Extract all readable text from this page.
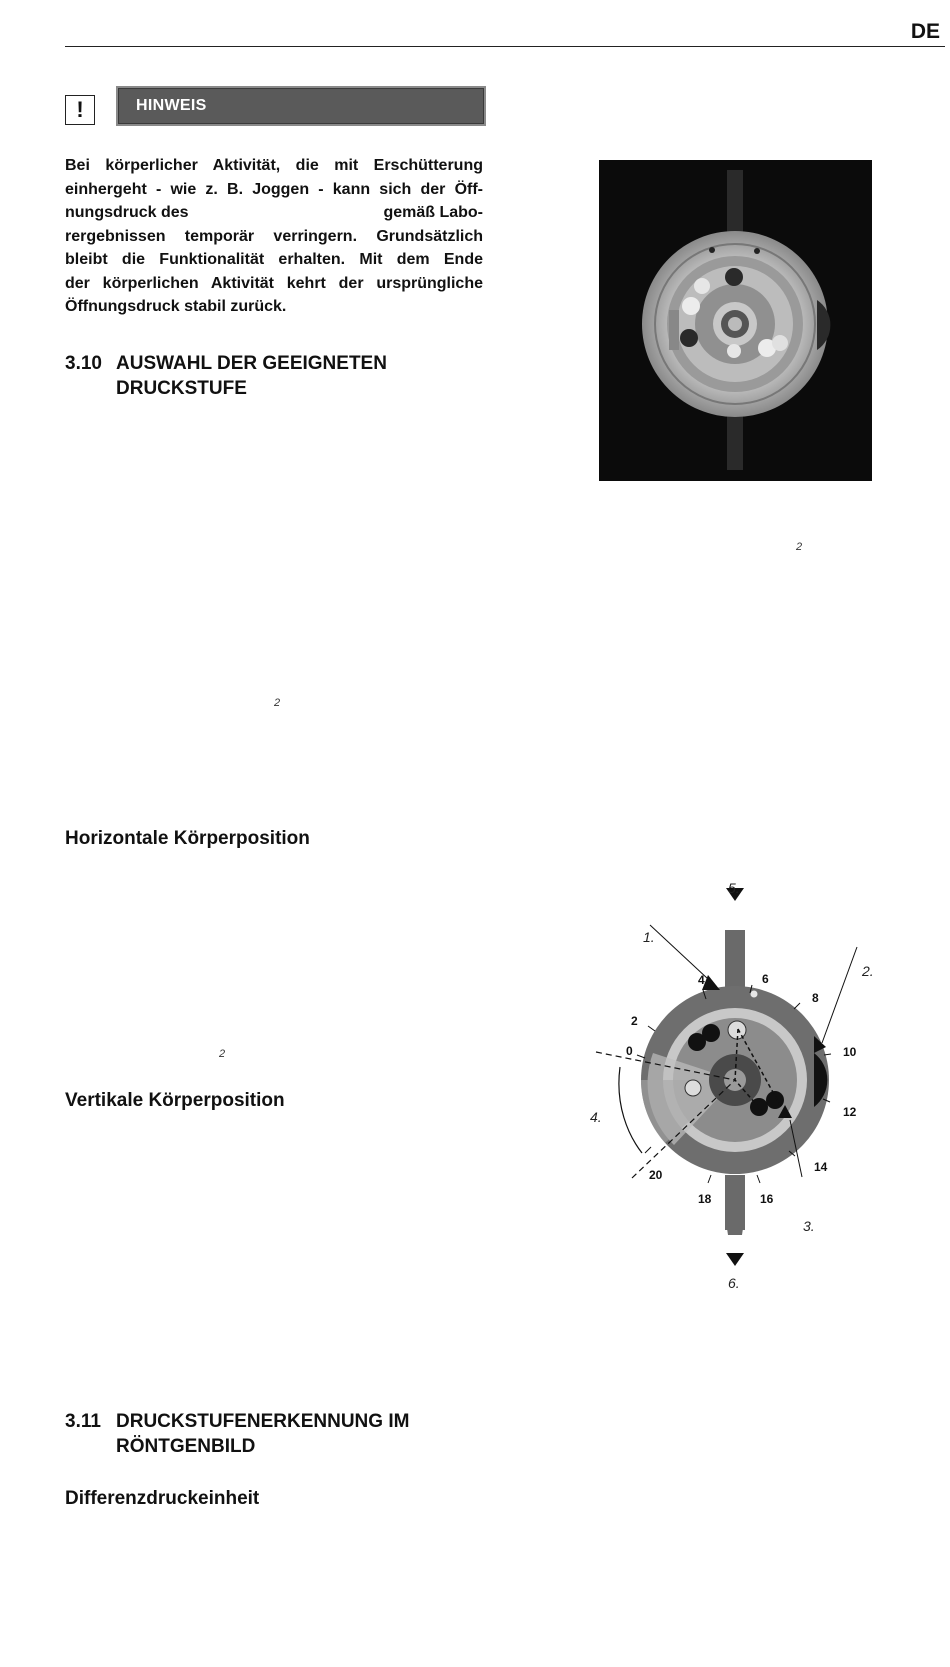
DE
!	HINWEIS
Bei körperlicher Aktivität, die mit Erschütterung
einhergeht - wie z. B. Joggen - kann sich der Öff-
nungsdruck des	gemäß Labo-
rergebnissen temporär verringern. Grundsätzlich
bleibt die Funktionalität erhalten. Mit dem Ende
der körperlichen Aktivität kehrt der ursprüngliche
Öffnungsdruck stabil zurück.
3.10 AUSWAHL DER GEEIGNETEN
DRUCKSTUFE
2
2
Horizontale Körperposition
2
Vertikale Körperposition
0
2
4	6
8
10
12
14
16
18
20
1.
2.
3.
4.
5.
6.
3.11 DRUCKSTUFENERKENNUNG IM
RÖNTGENBILD
Differenzdruckeinheit
